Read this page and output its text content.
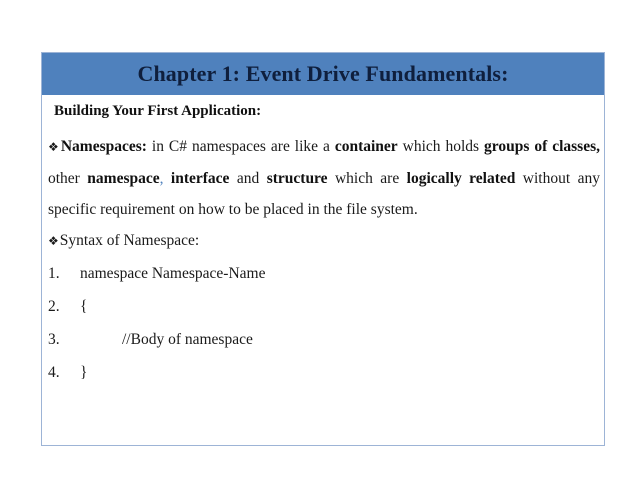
Chapter 1: Event Drive Fundamentals:
Building Your First Application:
❖Namespaces: in C# namespaces are like a container which holds groups of classes, other namespace, interface and structure which are logically related without any specific requirement on how to be placed in the file system.
❖Syntax of Namespace:
1.	namespace Namespace-Name
2.	{
3.	//Body of namespace
4.	}
